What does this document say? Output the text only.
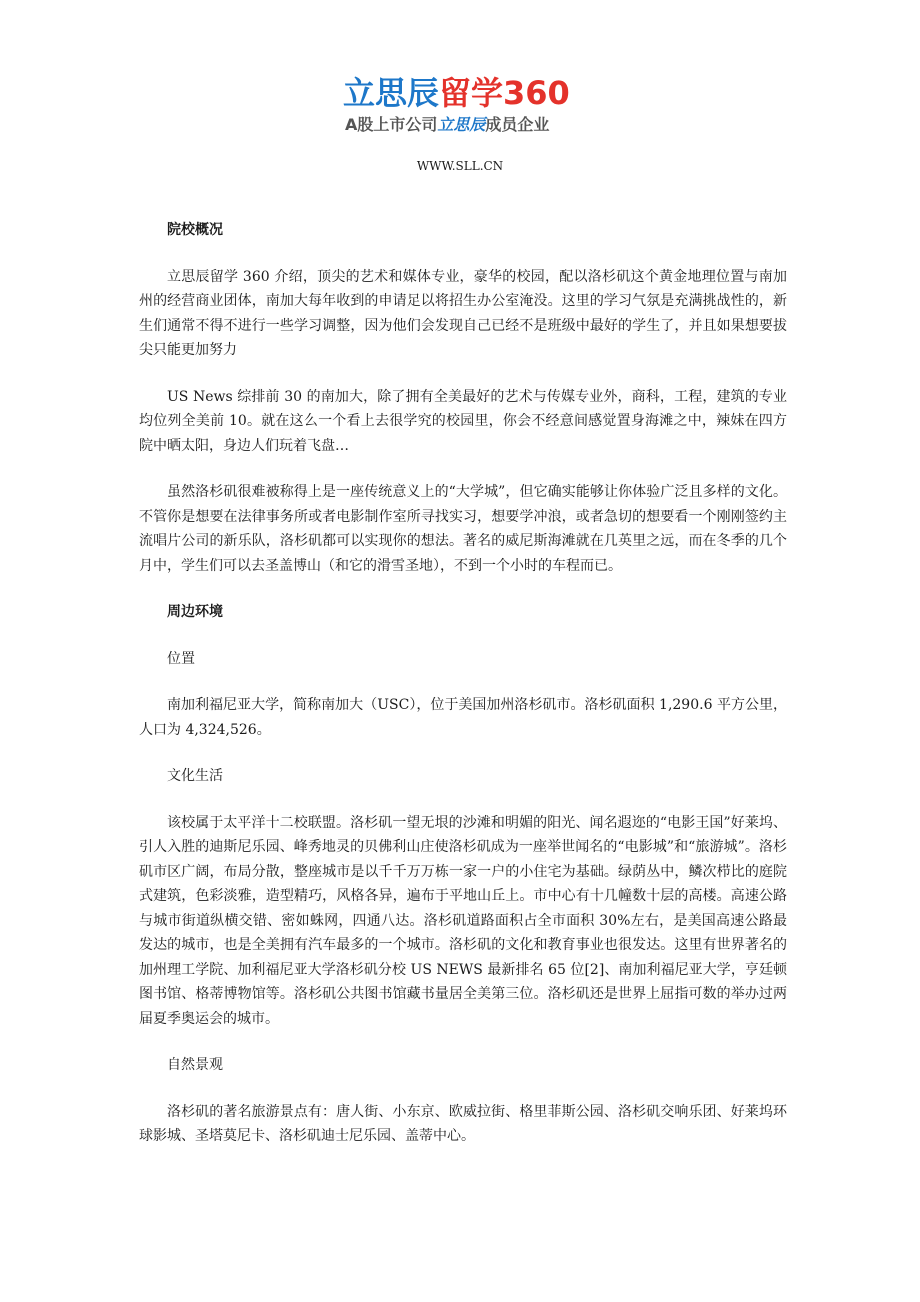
立思辰留学360
A股上市公司立思辰成员企业
WWW.SLL.CN

院校概况

立思辰留学 360 介绍，顶尖的艺术和媒体专业，豪华的校园，配以洛杉矶这个黄金地理位置与南加州的经营商业团体，南加大每年收到的申请足以将招生办公室淹没。这里的学习气氛是充满挑战性的，新生们通常不得不进行一些学习调整，因为他们会发现自己已经不是班级中最好的学生了，并且如果想要拔尖只能更加努力

US News 综排前 30 的南加大，除了拥有全美最好的艺术与传媒专业外，商科，工程，建筑的专业均位列全美前 10。就在这么一个看上去很学究的校园里，你会不经意间感觉置身海滩之中，辣妹在四方院中晒太阳，身边人们玩着飞盘…

虽然洛杉矶很难被称得上是一座传统意义上的“大学城”，但它确实能够让你体验广泛且多样的文化。不管你是想要在法律事务所或者电影制作室所寻找实习，想要学冲浪，或者急切的想要看一个刚刚签约主流唱片公司的新乐队，洛杉矶都可以实现你的想法。著名的威尼斯海滩就在几英里之远，而在冬季的几个月中，学生们可以去圣盖博山（和它的滑雪圣地），不到一个小时的车程而已。

周边环境

位置

南加利福尼亚大学，简称南加大（USC），位于美国加州洛杉矶市。洛杉矶面积 1,290.6 平方公里，人口为 4,324,526。

文化生活

该校属于太平洋十二校联盟。洛杉矶一望无垠的沙滩和明媚的阳光、闻名遐迩的“电影王国”好莱坞、引人入胜的迪斯尼乐园、峰秀地灵的贝佛利山庄使洛杉矶成为一座举世闻名的“电影城”和“旅游城”。洛杉矶市区广阔，布局分散，整座城市是以千千万万栋一家一户的小住宅为基础。绿荫丛中，鳞次栉比的庭院式建筑，色彩淡雅，造型精巧，风格各异，遍布于平地山丘上。市中心有十几幢数十层的高楼。高速公路与城市街道纵横交错、密如蛛网，四通八达。洛杉矶道路面积占全市面积 30%左右，是美国高速公路最发达的城市，也是全美拥有汽车最多的一个城市。洛杉矶的文化和教育事业也很发达。这里有世界著名的加州理工学院、加利福尼亚大学洛杉矶分校 US NEWS 最新排名 65 位[2]、南加利福尼亚大学，亨廷顿图书馆、格蒂博物馆等。洛杉矶公共图书馆藏书量居全美第三位。洛杉矶还是世界上屈指可数的举办过两届夏季奥运会的城市。

自然景观

洛杉矶的著名旅游景点有：唐人街、小东京、欧威拉街、格里菲斯公园、洛杉矶交响乐团、好莱坞环球影城、圣塔莫尼卡、洛杉矶迪士尼乐园、盖蒂中心。
